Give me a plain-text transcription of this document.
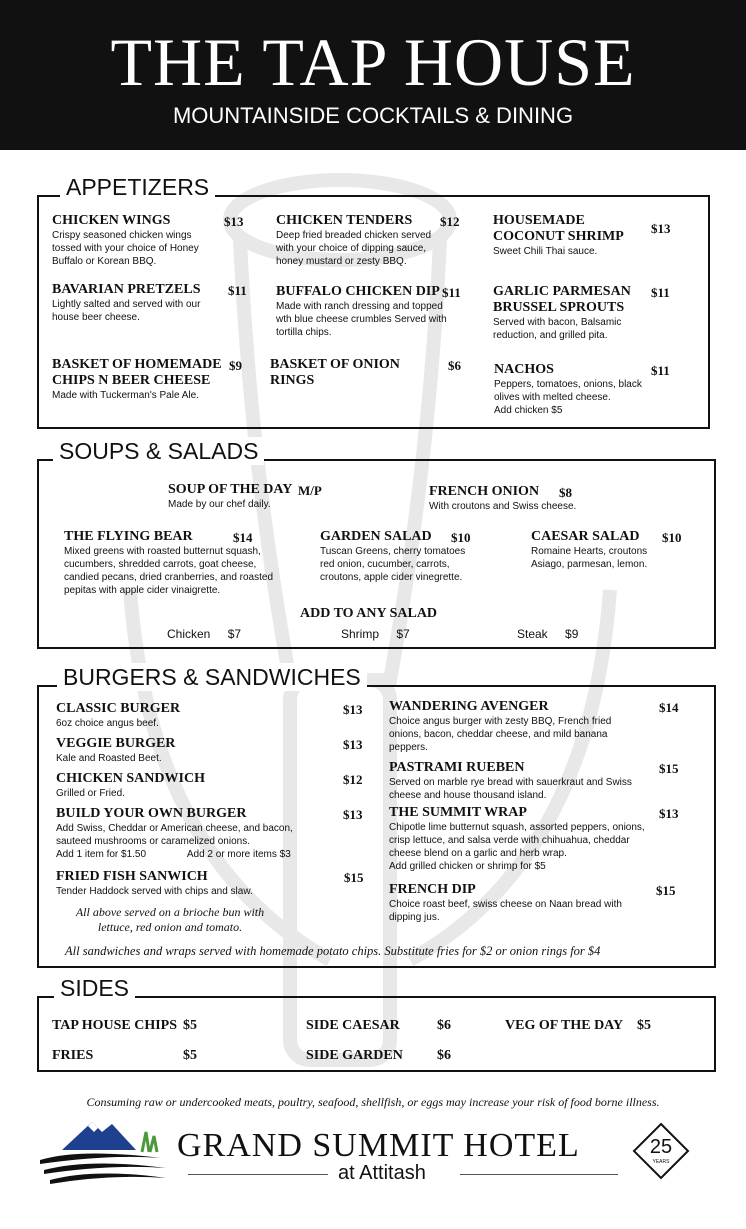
THE TAP HOUSE
MOUNTAINSIDE COCKTAILS & DINING
APPETIZERS
CHICKEN WINGS	$13
Crispy seasoned chicken wings tossed with your choice of Honey Buffalo or Korean BBQ.
CHICKEN TENDERS	$12
Deep fried breaded chicken served with your choice of dipping sauce, honey mustard or zesty BBQ.
HOUSEMADE COCONUT SHRIMP
$13
Sweet Chili Thai sauce.
BAVARIAN PRETZELS	$11
Lightly salted and served with our house beer cheese.
BUFFALO CHICKEN DIP $11
Made with ranch dressing and topped wth blue cheese crumbles Served with tortilla chips.
GARLIC PARMESAN BRUSSEL SPROUTS
$11
Served with bacon, Balsamic reduction, and grilled pita.
BASKET OF HOMEMADE CHIPS N BEER CHEESE
$9
Made with Tuckerman's Pale Ale.
BASKET OF ONION RINGS
$6 NACHOS	$11
Peppers, tomatoes, onions, black olives with melted cheese.
Add chicken $5
SOUPS & SALADS
SOUP OF THE DAY M/P
Made by our chef daily.
FRENCH ONION	$8
With croutons and Swiss cheese.
THE FLYING BEAR	$14
Mixed greens with roasted butternut squash, cucumbers, shredded carrots, goat cheese, candied pecans, dried cranberries, and roasted pepitas with apple cider vinaigrette.
GARDEN SALAD	$10
Tuscan Greens, cherry tomatoes red onion, cucumber, carrots, croutons, apple cider vinegrette.
CAESAR SALAD	$10
Romaine Hearts, croutons Asiago, parmesan, lemon.
ADD TO ANY SALAD
Chicken $7	Shrimp $7	Steak $9
BURGERS & SANDWICHES
CLASSIC BURGER	$13
6oz choice angus beef.
VEGGIE BURGER	$13
Kale and Roasted Beet.
CHICKEN SANDWICH	$12
Grilled or Fried.
BUILD YOUR OWN BURGER	$13
Add Swiss, Cheddar or American cheese, and bacon, sauteed mushrooms or caramelized onions.
Add 1 item for $1.50	Add 2 or more items $3
FRIED FISH SANWICH	$15
Tender Haddock served with chips and slaw.
All above served on a brioche bun with lettuce, red onion and tomato.
WANDERING AVENGER	$14
Choice angus burger with zesty BBQ, French fried onions, bacon, cheddar cheese, and mild banana peppers.
PASTRAMI RUEBEN	$15
Served on marble rye bread with sauerkraut and Swiss cheese and house thousand island.
THE SUMMIT WRAP	$13
Chipotle lime butternut squash, assorted peppers, onions, crisp lettuce, and salsa verde with chihuahua, cheddar cheese blend on a garlic and herb wrap.
Add grilled chicken or shrimp for $5
FRENCH DIP	$15
Choice roast beef, swiss cheese on Naan bread with dipping jus.
All sandwiches and wraps served with homemade potato chips. Substitute fries for $2 or onion rings for $4
SIDES
TAP HOUSE CHIPS $5	SIDE CAESAR	$6	VEG OF THE DAY $5
FRIES	$5	SIDE GARDEN $6
Consuming raw or undercooked meats, poultry, seafood, shellfish, or eggs may increase your risk of food borne illness.
GRAND SUMMIT HOTEL
at Attitash
25
YEARS
